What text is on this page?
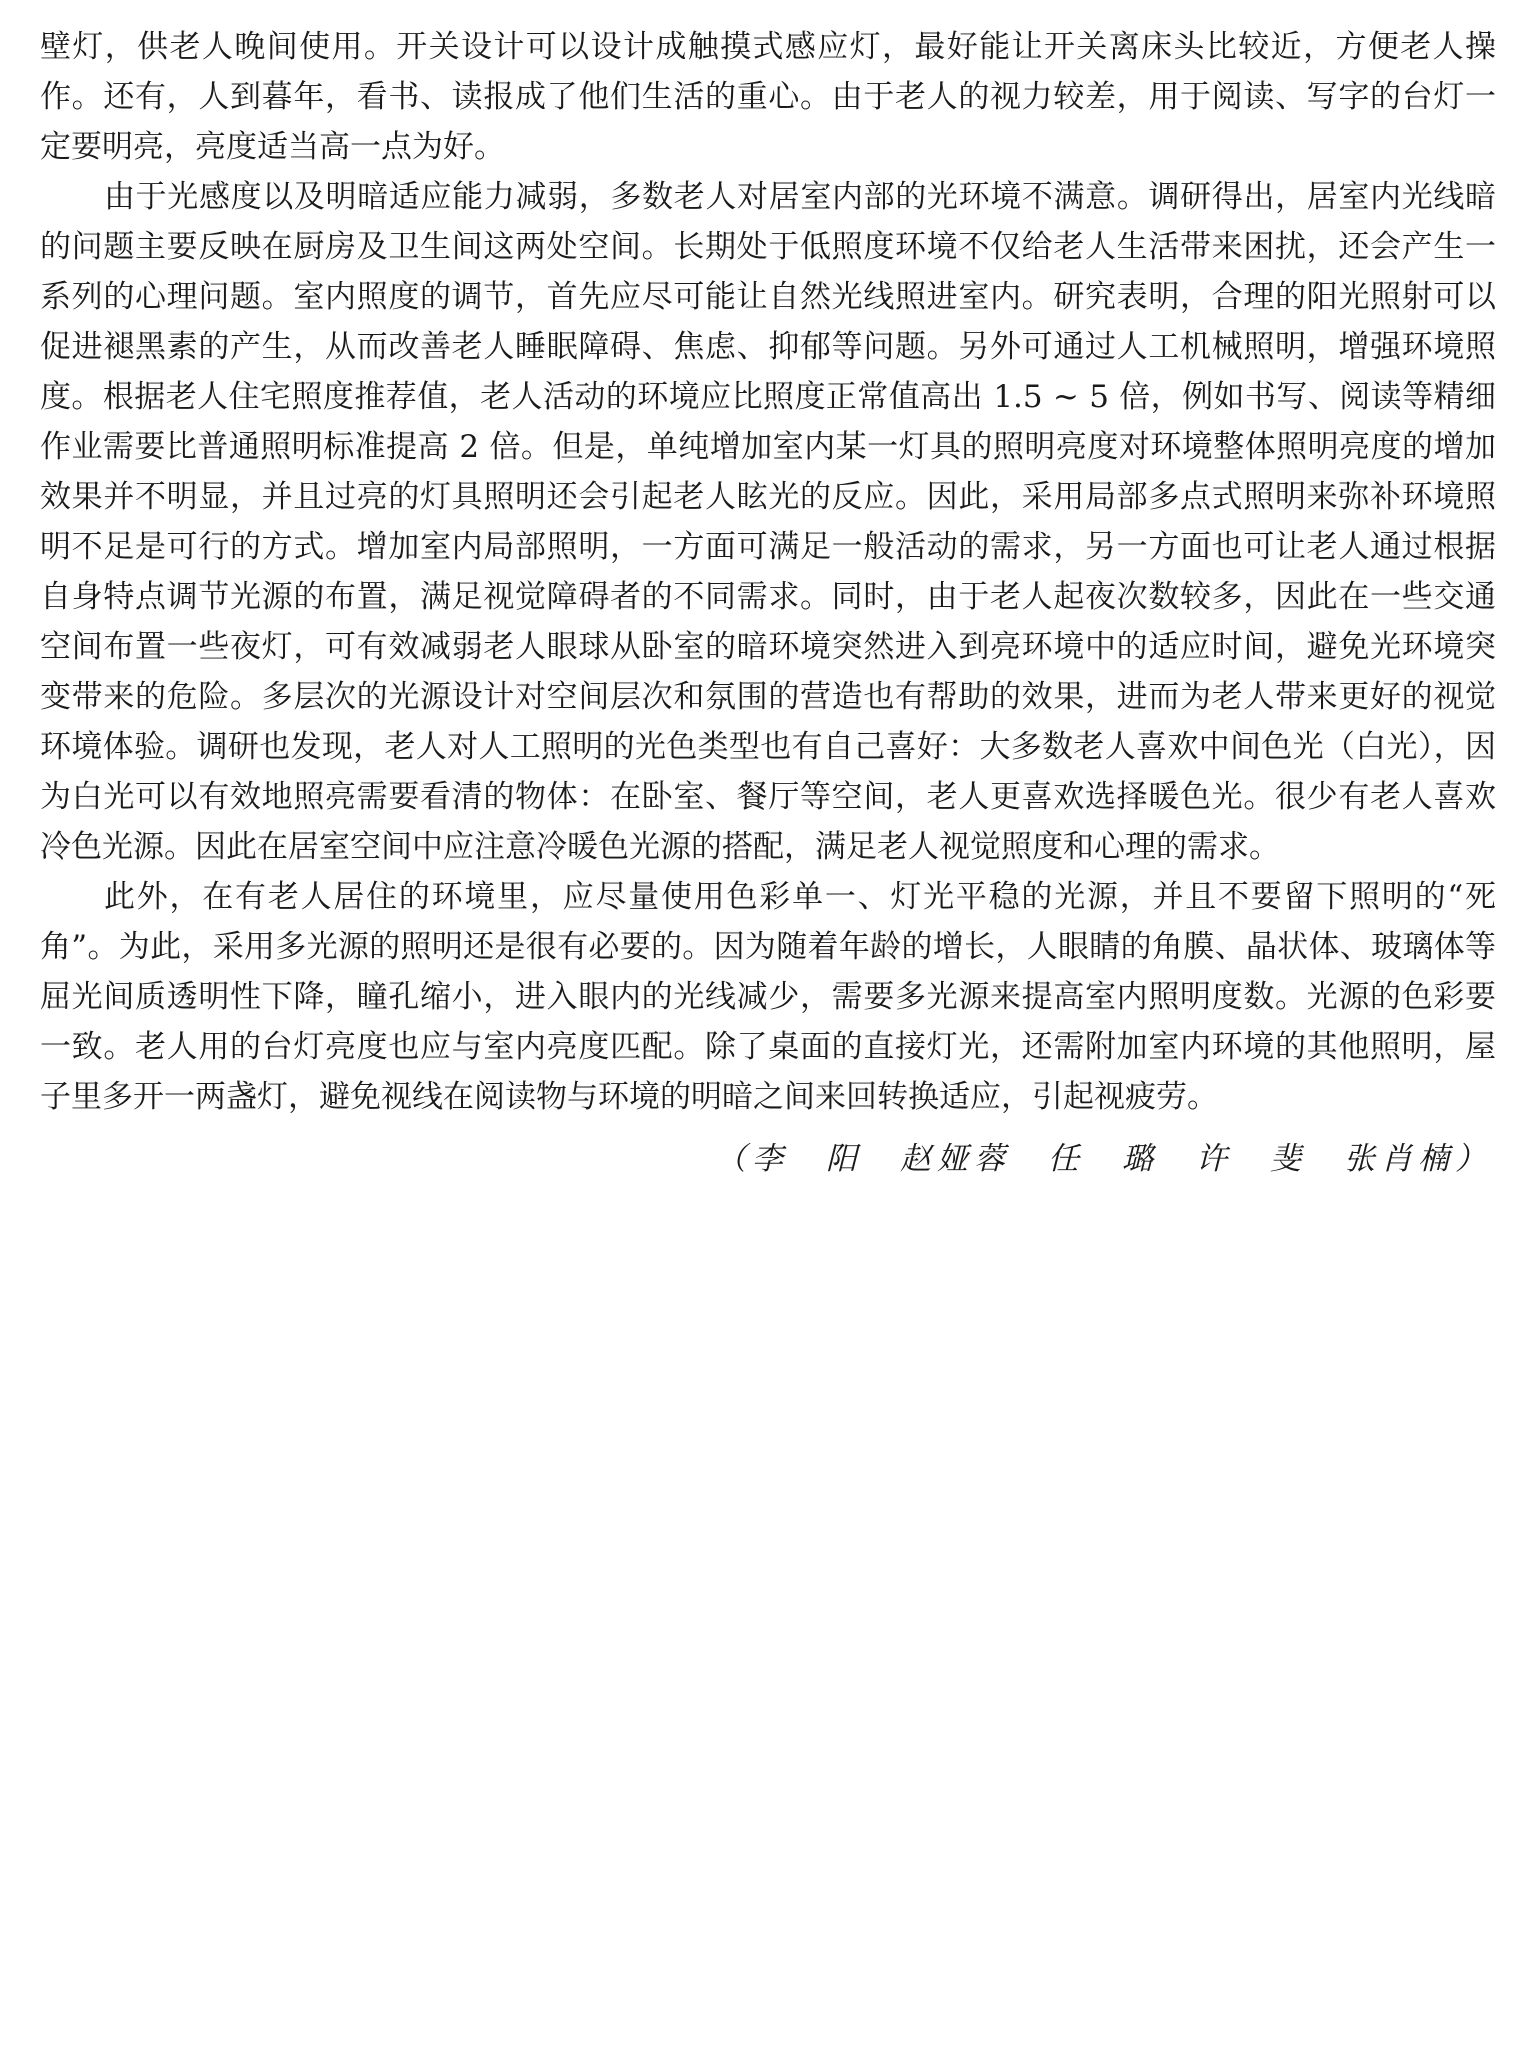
壁灯，供老人晚间使用。开关设计可以设计成触摸式感应灯，最好能让开关离床头比较近，方便老人操作。还有，人到暮年，看书、读报成了他们生活的重心。由于老人的视力较差，用于阅读、写字的台灯一定要明亮，亮度适当高一点为好。

由于光感度以及明暗适应能力减弱，多数老人对居室内部的光环境不满意。调研得出，居室内光线暗的问题主要反映在厨房及卫生间这两处空间。长期处于低照度环境不仅给老人生活带来困扰，还会产生一系列的心理问题。室内照度的调节，首先应尽可能让自然光线照进室内。研究表明，合理的阳光照射可以促进褪黑素的产生，从而改善老人睡眠障碍、焦虑、抑郁等问题。另外可通过人工机械照明，增强环境照度。根据老人住宅照度推荐值，老人活动的环境应比照度正常值高出 1.5 ~ 5 倍，例如书写、阅读等精细作业需要比普通照明标准提高 2 倍。但是，单纯增加室内某一灯具的照明亮度对环境整体照明亮度的增加效果并不明显，并且过亮的灯具照明还会引起老人眩光的反应。因此，采用局部多点式照明来弥补环境照明不足是可行的方式。增加室内局部照明，一方面可满足一般活动的需求，另一方面也可让老人通过根据自身特点调节光源的布置，满足视觉障碍者的不同需求。同时，由于老人起夜次数较多，因此在一些交通空间布置一些夜灯，可有效减弱老人眼球从卧室的暗环境突然进入到亮环境中的适应时间，避免光环境突变带来的危险。多层次的光源设计对空间层次和氛围的营造也有帮助的效果，进而为老人带来更好的视觉环境体验。调研也发现，老人对人工照明的光色类型也有自己喜好：大多数老人喜欢中间色光（白光），因为白光可以有效地照亮需要看清的物体：在卧室、餐厅等空间，老人更喜欢选择暖色光。很少有老人喜欢冷色光源。因此在居室空间中应注意冷暖色光源的搭配，满足老人视觉照度和心理的需求。

此外，在有老人居住的环境里，应尽量使用色彩单一、灯光平稳的光源，并且不要留下照明的“死角”。为此，采用多光源的照明还是很有必要的。因为随着年龄的增长，人眼睛的角膜、晶状体、玻璃体等屈光间质透明性下降，瞳孔缩小，进入眼内的光线减少，需要多光源来提高室内照明度数。光源的色彩要一致。老人用的台灯亮度也应与室内亮度匹配。除了桌面的直接灯光，还需附加室内环境的其他照明，屋子里多开一两盏灯，避免视线在阅读物与环境的明暗之间来回转换适应，引起视疲劳。

（李　阳　赵娅蓉　任　璐　许　斐　张肖楠）
